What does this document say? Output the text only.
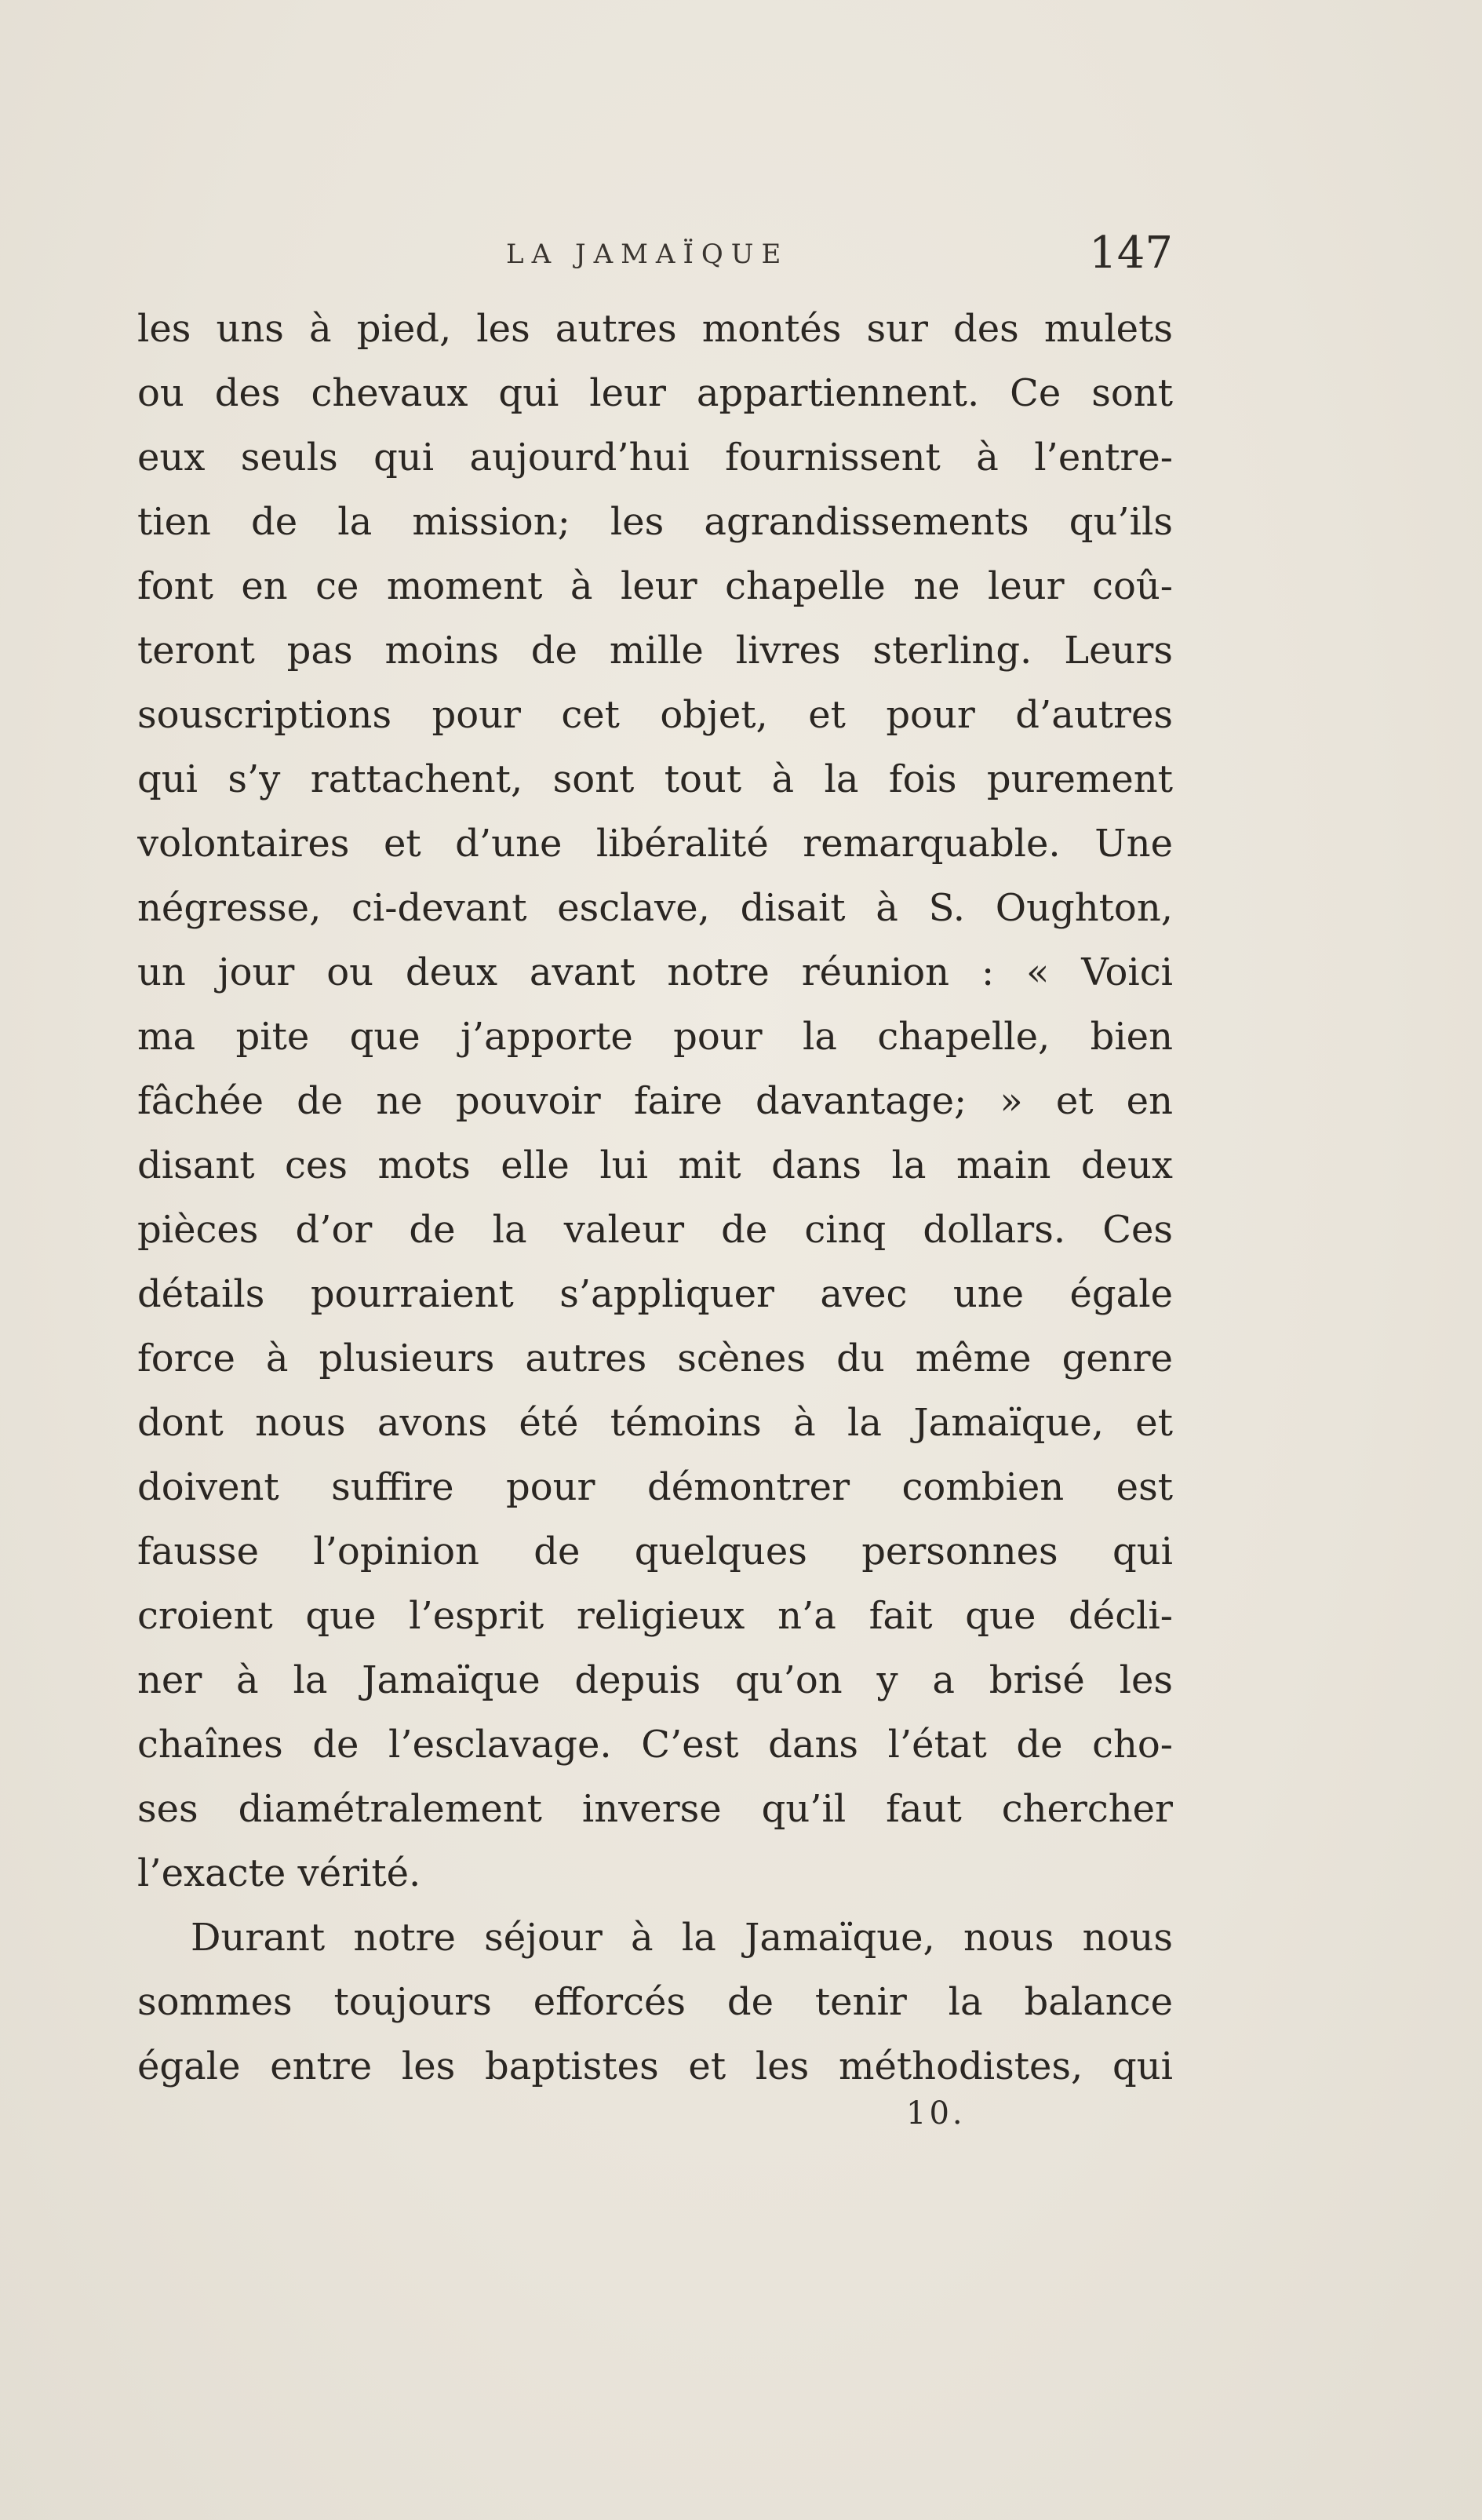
LA JAMAÏQUE	147
les uns à pied, les autres montés sur des mulets
ou des chevaux qui leur appartiennent. Ce sont
eux seuls qui aujourd’hui fournissent à l’entre-
tien de la mission; les agrandissements qu’ils
font en ce moment à leur chapelle ne leur coû-
teront pas moins de mille livres sterling. Leurs
souscriptions pour cet objet, et pour d’autres
qui s’y rattachent, sont tout à la fois purement
volontaires et d’une libéralité remarquable. Une
négresse, ci-devant esclave, disait à S. Oughton,
un jour ou deux avant notre réunion : « Voici
ma pite que j’apporte pour la chapelle, bien
fâchée de ne pouvoir faire davantage; » et en
disant ces mots elle lui mit dans la main deux
pièces d’or de la valeur de cinq dollars. Ces
détails pourraient s’appliquer avec une égale
force à plusieurs autres scènes du même genre
dont nous avons été témoins à la Jamaïque, et
doivent suffire pour démontrer combien est
fausse l’opinion de quelques personnes qui
croient que l’esprit religieux n’a fait que décli-
ner à la Jamaïque depuis qu’on y a brisé les
chaînes de l’esclavage. C’est dans l’état de cho-
ses diamétralement inverse qu’il faut chercher
l’exacte vérité.
Durant notre séjour à la Jamaïque, nous nous
sommes toujours efforcés de tenir la balance
égale entre les baptistes et les méthodistes, qui
10.
